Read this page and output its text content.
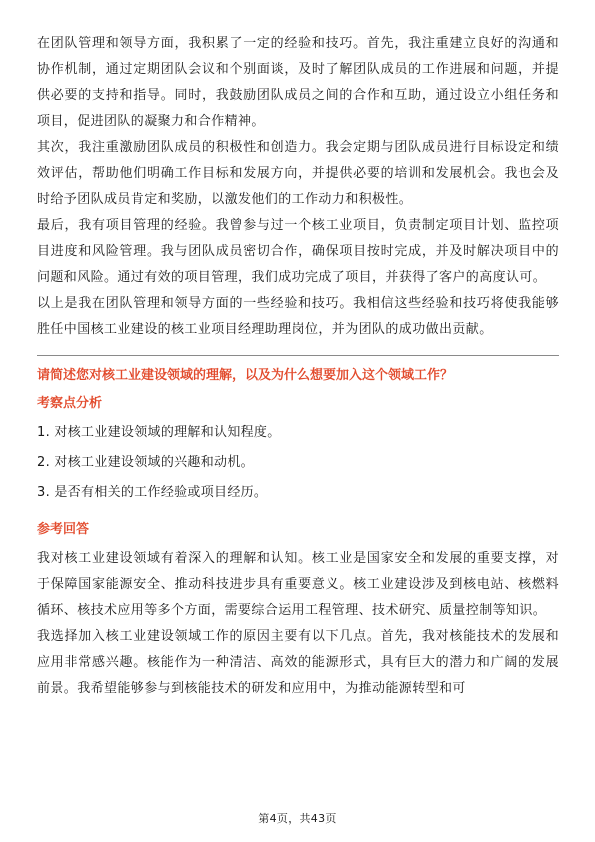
在团队管理和领导方面，我积累了一定的经验和技巧。首先，我注重建立良好的沟通和协作机制，通过定期团队会议和个别面谈，及时了解团队成员的工作进展和问题，并提供必要的支持和指导。同时，我鼓励团队成员之间的合作和互助，通过设立小组任务和项目，促进团队的凝聚力和合作精神。

其次，我注重激励团队成员的积极性和创造力。我会定期与团队成员进行目标设定和绩效评估，帮助他们明确工作目标和发展方向，并提供必要的培训和发展机会。我也会及时给予团队成员肯定和奖励，以激发他们的工作动力和积极性。

最后，我有项目管理的经验。我曾参与过一个核工业项目，负责制定项目计划、监控项目进度和风险管理。我与团队成员密切合作，确保项目按时完成，并及时解决项目中的问题和风险。通过有效的项目管理，我们成功完成了项目，并获得了客户的高度认可。

以上是我在团队管理和领导方面的一些经验和技巧。我相信这些经验和技巧将使我能够胜任中国核工业建设的核工业项目经理助理岗位，并为团队的成功做出贡献。

请简述您对核工业建设领域的理解，以及为什么想要加入这个领域工作？

考察点分析

1. 对核工业建设领域的理解和认知程度。

2. 对核工业建设领域的兴趣和动机。

3. 是否有相关的工作经验或项目经历。

参考回答

我对核工业建设领域有着深入的理解和认知。核工业是国家安全和发展的重要支撑，对于保障国家能源安全、推动科技进步具有重要意义。核工业建设涉及到核电站、核燃料循环、核技术应用等多个方面，需要综合运用工程管理、技术研究、质量控制等知识。

我选择加入核工业建设领域工作的原因主要有以下几点。首先，我对核能技术的发展和应用非常感兴趣。核能作为一种清洁、高效的能源形式，具有巨大的潜力和广阔的发展前景。我希望能够参与到核能技术的研发和应用中，为推动能源转型和可

第4页，共43页
